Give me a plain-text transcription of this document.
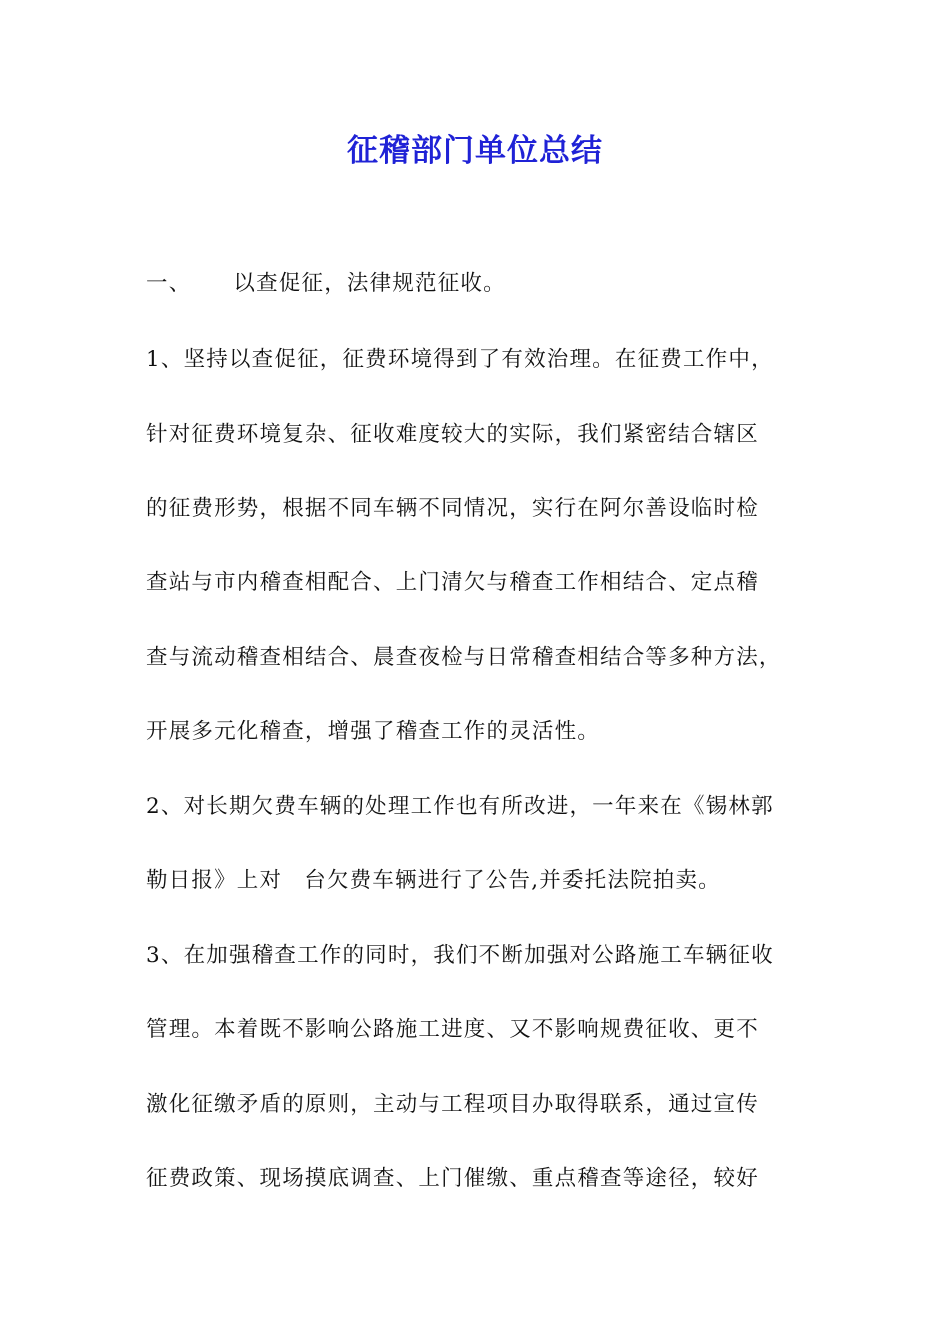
征稽部门单位总结
一、 以查促征，法律规范征收。
1、坚持以查促征，征费环境得到了有效治理。在征费工作中，
针对征费环境复杂、征收难度较大的实际，我们紧密结合辖区
的征费形势，根据不同车辆不同情况，实行在阿尔善设临时检
查站与市内稽查相配合、上门清欠与稽查工作相结合、定点稽
查与流动稽查相结合、晨查夜检与日常稽查相结合等多种方法，
开展多元化稽查，增强了稽查工作的灵活性。
2、对长期欠费车辆的处理工作也有所改进，一年来在《锡林郭
勒日报》上对 台欠费车辆进行了公告,并委托法院拍卖。
3、在加强稽查工作的同时，我们不断加强对公路施工车辆征收
管理。本着既不影响公路施工进度、又不影响规费征收、更不
激化征缴矛盾的原则，主动与工程项目办取得联系，通过宣传
征费政策、现场摸底调查、上门催缴、重点稽查等途径，较好
